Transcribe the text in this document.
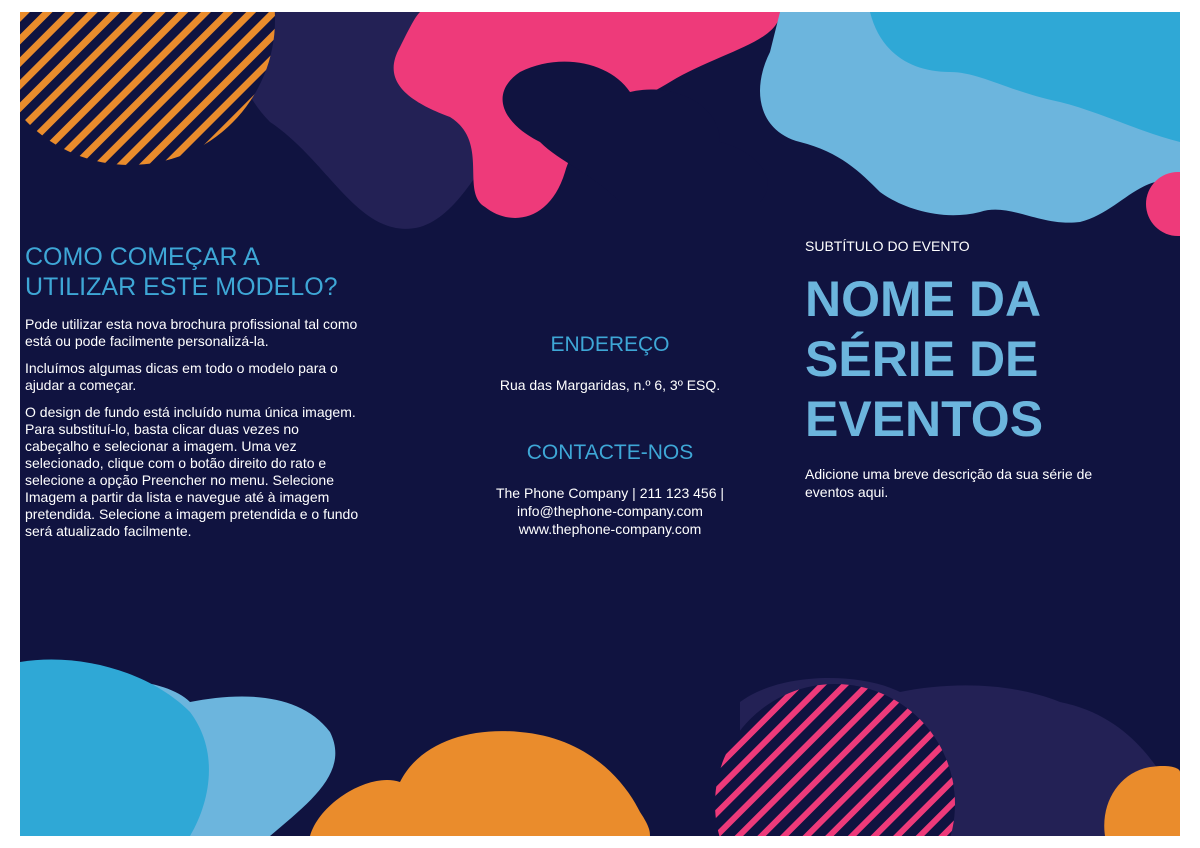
COMO COMEÇAR A UTILIZAR ESTE MODELO?

Pode utilizar esta nova brochura profissional tal como está ou pode facilmente personalizá-la.

Incluímos algumas dicas em todo o modelo para o ajudar a começar.

O design de fundo está incluído numa única imagem. Para substituí-lo, basta clicar duas vezes no cabeçalho e selecionar a imagem. Uma vez selecionado, clique com o botão direito do rato e selecione a opção Preencher no menu. Selecione Imagem a partir da lista e navegue até à imagem pretendida. Selecione a imagem pretendida e o fundo será atualizado facilmente.

ENDEREÇO

Rua das Margaridas, n.º 6, 3º ESQ.

CONTACTE-NOS

The Phone Company | 211 123 456 |
info@thephone-company.com
www.thephone-company.com

SUBTÍTULO DO EVENTO

NOME DA
SÉRIE DE
EVENTOS

Adicione uma breve descrição da sua série de eventos aqui.
